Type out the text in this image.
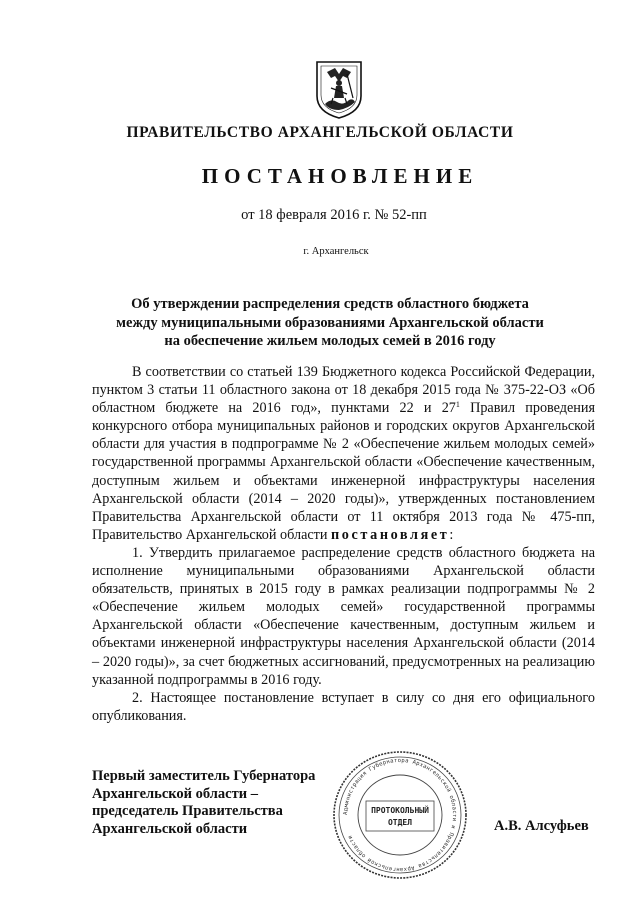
ПРАВИТЕЛЬСТВО АРХАНГЕЛЬСКОЙ ОБЛАСТИ
ПОСТАНОВЛЕНИЕ
от 18 февраля 2016 г. № 52-пп
г. Архангельск
Об утверждении распределения средств областного бюджета
между муниципальными образованиями Архангельской области
на обеспечение жильем молодых семей в 2016 году

В соответствии со статьей 139 Бюджетного кодекса Российской Федерации, пунктом 3 статьи 11 областного закона от 18 декабря 2015 года № 375-22-ОЗ «Об областном бюджете на 2016 год», пунктами 22 и $27^1$ Правил проведения конкурсного отбора муниципальных районов и городских округов Архангельской области для участия в подпрограмме № 2 «Обеспечение жильем молодых семей» государственной программы Архангельской области «Обеспечение качественным, доступным жильем и объектами инженерной инфраструктуры населения Архангельской области (2014 – 2020 годы)», утвержденных постановлением Правительства Архангельской области от 11 октября 2013 года № 475-пп, Правительство Архангельской области постановляет:

1. Утвердить прилагаемое распределение средств областного бюджета на исполнение муниципальными образованиями Архангельской области обязательств, принятых в 2015 году в рамках реализации подпрограммы № 2 «Обеспечение жильем молодых семей» государственной программы Архангельской области «Обеспечение качественным, доступным жильем и объектами инженерной инфраструктуры населения Архангельской области (2014 – 2020 годы)», за счет бюджетных ассигнований, предусмотренных на реализацию указанной подпрограммы в 2016 году.

2. Настоящее постановление вступает в силу со дня его официального опубликования.

Первый заместитель Губернатора
Архангельской области –
председатель Правительства
Архангельской области	А.В. Алсуфьев
Администрация Губернатора Архангельской области и Правительства Архангельской области
ПРОТОКОЛЬНЫЙ
ОТДЕЛ
